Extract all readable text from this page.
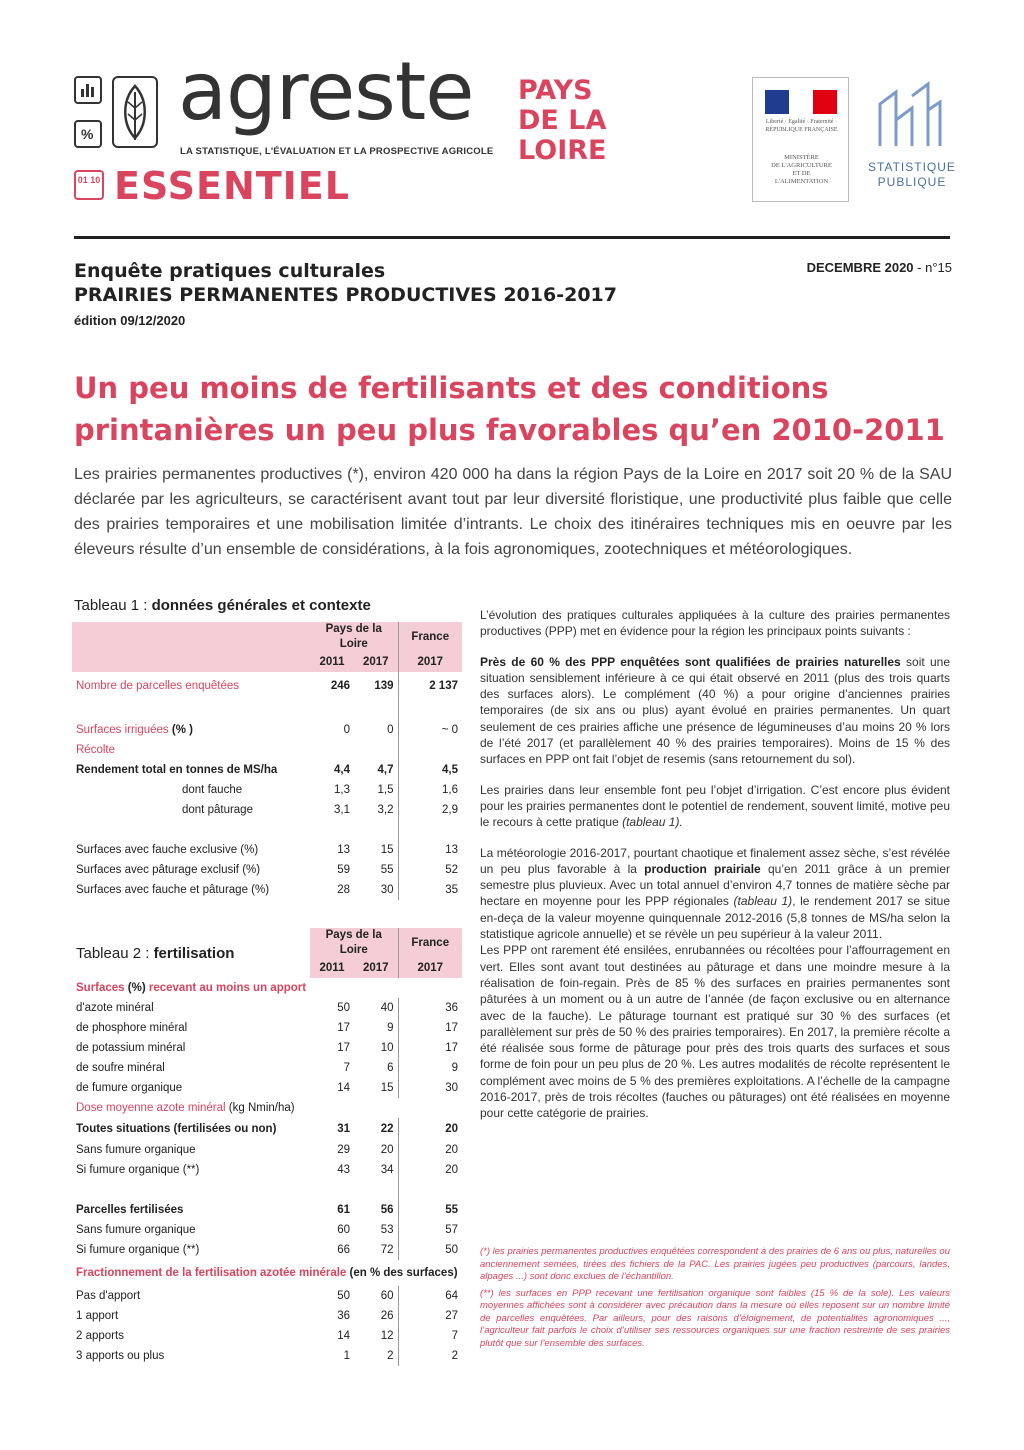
% agreste
LA STATISTIQUE, L'ÉVALUATION ET LA PROSPECTIVE AGRICOLE
01 10 ESSENTIEL
PAYS
DE LA
LOIRE
Liberté · Égalité · Fraternité · RÉPUBLIQUE FRANÇAISE
MINISTÈRE
DE L'AGRICULTURE
ET DE
L'ALIMENTATION
STATISTIQUE
PUBLIQUE
Enquête pratiques culturales
PRAIRIES PERMANENTES PRODUCTIVES 2016-2017
édition 09/12/2020
DECEMBRE 2020 - n°15
Un peu moins de fertilisants et des conditions
printanières un peu plus favorables qu’en 2010-2011
Les prairies permanentes productives (*), environ 420 000 ha dans la région Pays de la Loire en 2017 soit 20 % de la SAU déclarée par les agriculteurs, se caractérisent avant tout par leur diversité floristique, une productivité plus faible que celle des prairies temporaires et une mobilisation limitée d’intrants. Le choix des itinéraires techniques mis en oeuvre par les éleveurs résulte d’un ensemble de considérations, à la fois agronomiques, zootechniques et météorologiques.
Tableau 1 : données générales et contexte
	Pays de la Loire		France
	2011	2017	2017
Nombre de parcelles enquêtées	246	139	2 137

Surfaces irriguées (% )	0	0	~ 0
Récolte			
Rendement total en tonnes de MS/ha	4,4	4,7	4,5
dont fauche	1,3	1,5	1,6
dont pâturage	3,1	3,2	2,9

Surfaces avec fauche exclusive (%)	13	15	13
Surfaces avec pâturage exclusif (%)	59	55	52
Surfaces avec fauche et pâturage (%)	28	30	35
Tableau 2 : fertilisation	Pays de la Loire		France
	2011	2017	2017
Surfaces (%) recevant au moins un apport			
d'azote minéral	50	40	36
de phosphore minéral	17	9	17
de potassium minéral	17	10	17
de soufre minéral	7	6	9
de fumure organique	14	15	30
Dose moyenne azote minéral (kg Nmin/ha)			
Toutes situations (fertilisées ou non)	31	22	20
Sans fumure organique	29	20	20
Si fumure organique (**)	43	34	20

Parcelles fertilisées	61	56	55
Sans fumure organique	60	53	57
Si fumure organique (**)	66	72	50
Fractionnement de la fertilisation azotée minérale (en % des surfaces)			
Pas d'apport	50	60	64
1 apport	36	26	27
2 apports	14	12	7
3 apports ou plus	1	2	2

L’évolution des pratiques culturales appliquées à la culture des prairies permanentes productives (PPP) met en évidence pour la région les principaux points suivants :

Près de 60 % des PPP enquêtées sont qualifiées de prairies naturelles soit une situation sensiblement inférieure à ce qui était observé en 2011 (plus des trois quarts des surfaces alors). Le complément (40 %) a pour origine d’anciennes prairies temporaires (de six ans ou plus) ayant évolué en prairies permanentes. Un quart seulement de ces prairies affiche une présence de légumineuses d’au moins 20 % lors de l’été 2017 (et parallèlement 40 % des prairies temporaires). Moins de 15 % des surfaces en PPP ont fait l’objet de resemis (sans retournement du sol).

Les prairies dans leur ensemble font peu l’objet d’irrigation. C’est encore plus évident pour les prairies permanentes dont le potentiel de rendement, souvent limité, motive peu le recours à cette pratique (tableau 1).

La météorologie 2016-2017, pourtant chaotique et finalement assez sèche, s’est révélée un peu plus favorable à la production prairiale qu’en 2011 grâce à un premier semestre plus pluvieux. Avec un total annuel d’environ 4,7 tonnes de matière sèche par hectare en moyenne pour les PPP régionales (tableau 1), le rendement 2017 se situe en-deça de la valeur moyenne quinquennale 2012-2016 (5,8 tonnes de MS/ha selon la statistique agricole annuelle) et se révèle un peu supérieur à la valeur 2011.

Les PPP ont rarement été ensilées, enrubannées ou récoltées pour l’affourragement en vert. Elles sont avant tout destinées au pâturage et dans une moindre mesure à la réalisation de foin-regain. Près de 85 % des surfaces en prairies permanentes sont pâturées à un moment ou à un autre de l’année (de façon exclusive ou en alternance avec de la fauche). Le pâturage tournant est pratiqué sur 30 % des surfaces (et parallèlement sur près de 50 % des prairies temporaires). En 2017, la première récolte a été réalisée sous forme de pâturage pour près des trois quarts des surfaces et sous forme de foin pour un peu plus de 20 %. Les autres modalités de récolte représentent le complément avec moins de 5 % des premières exploitations. A l’échelle de la campagne 2016-2017, près de trois récoltes (fauches ou pâturages) ont été réalisées en moyenne pour cette catégorie de prairies.

(*) les prairies permanentes productives enquêtées correspondent à des prairies de 6 ans ou plus, naturelles ou anciennement semées, tirées des fichiers de la PAC. Les prairies jugées peu productives (parcours, landes, alpages ...) sont donc exclues de l’échantillon.

(**) les surfaces en PPP recevant une fertilisation organique sont faibles (15 % de la sole). Les valeurs moyennes affichées sont à considérer avec précaution dans la mesure où elles reposent sur un nombre limité de parcelles enquêtées. Par ailleurs, pour des raisons d’éloignement, de potentialités agronomiques ..., l’agriculteur fait parfois le choix d’utiliser ses ressources organiques sur une fraction restreinte de ses prairies plutôt que sur l’ensemble des surfaces.
